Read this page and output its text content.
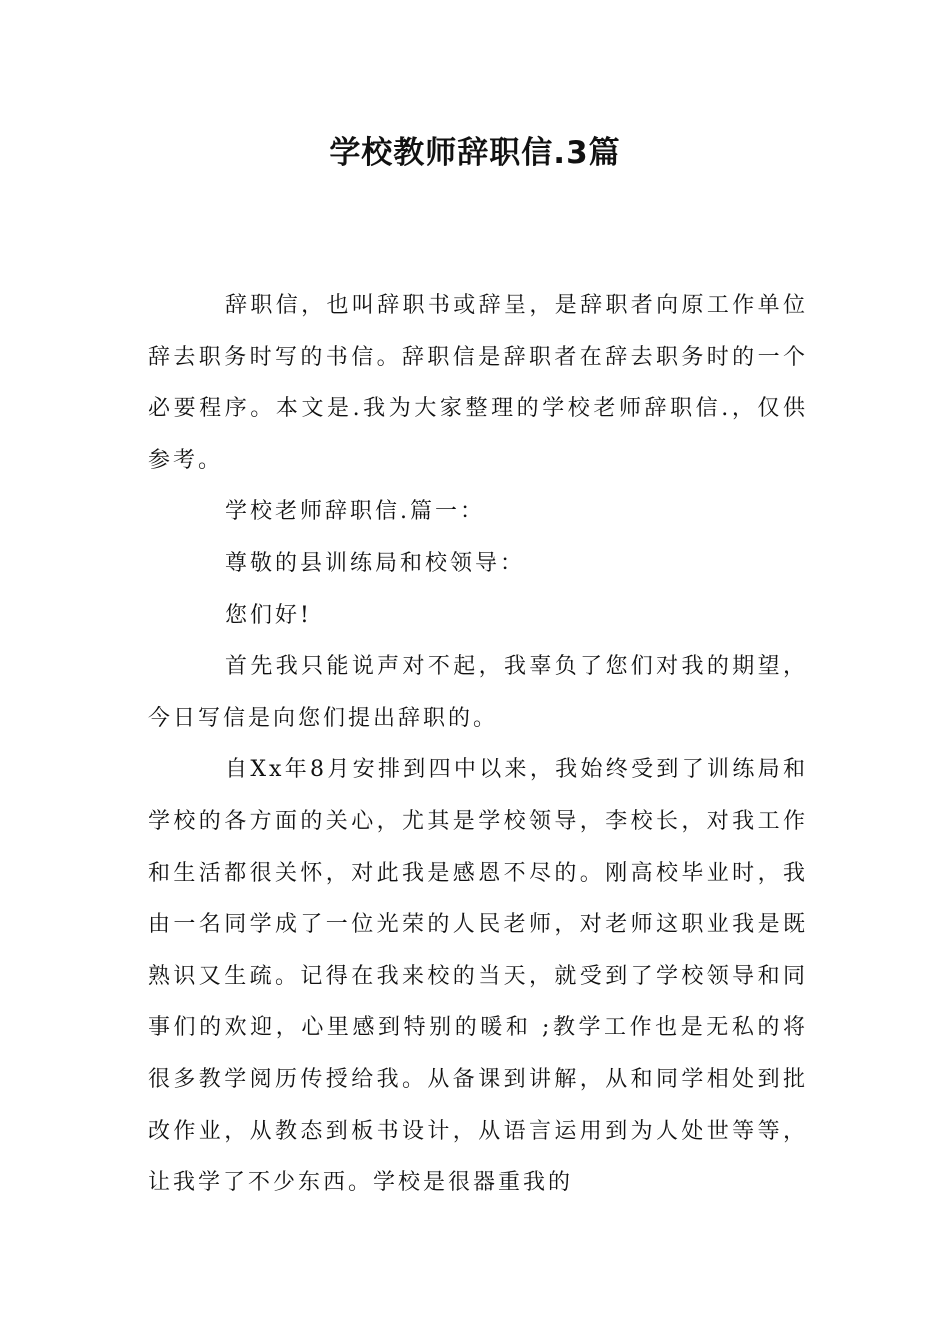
学校教师辞职信.3篇

辞职信，也叫辞职书或辞呈，是辞职者向原工作单位辞去职务时写的书信。辞职信是辞职者在辞去职务时的一个必要程序。本文是.我为大家整理的学校老师辞职信.，仅供参考。

学校老师辞职信.篇一：

尊敬的县训练局和校领导：

您们好!

首先我只能说声对不起，我辜负了您们对我的期望，今日写信是向您们提出辞职的。

自Xx年8月安排到四中以来，我始终受到了训练局和学校的各方面的关心，尤其是学校领导，李校长，对我工作和生活都很关怀，对此我是感恩不尽的。刚高校毕业时，我由一名同学成了一位光荣的人民老师，对老师这职业我是既熟识又生疏。记得在我来校的当天，就受到了学校领导和同事们的欢迎，心里感到特别的暖和 ;教学工作也是无私的将很多教学阅历传授给我。从备课到讲解，从和同学相处到批改作业，从教态到板书设计，从语言运用到为人处世等等，让我学了不少东西。学校是很器重我的
